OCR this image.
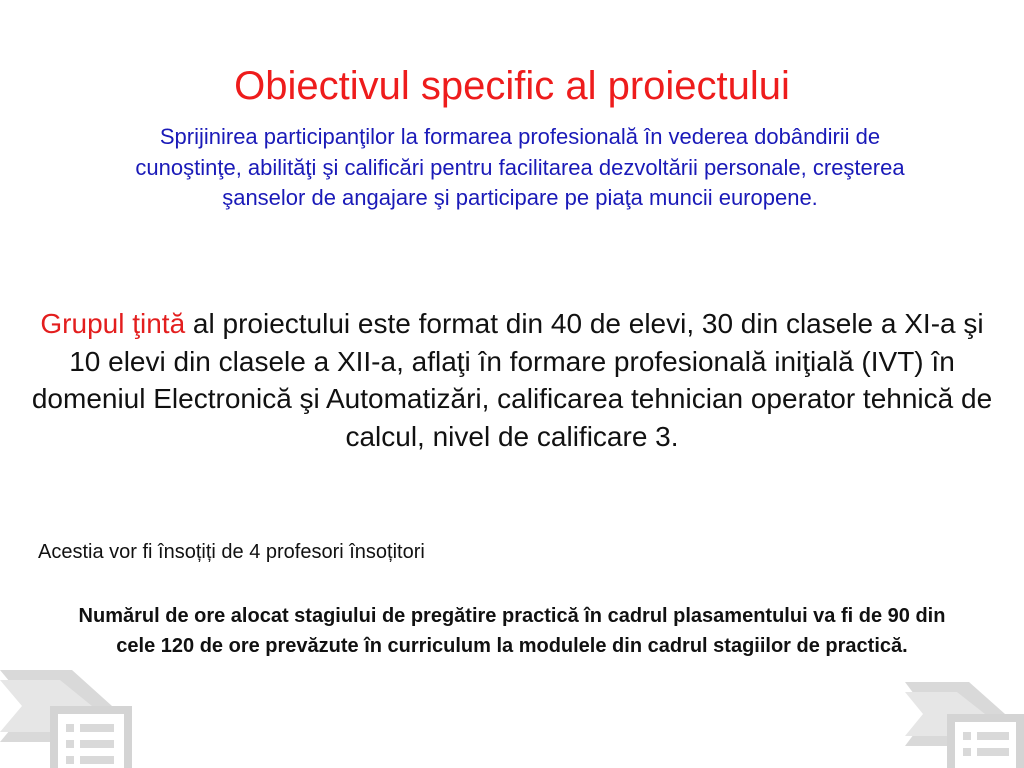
Obiectivul specific al proiectului

Sprijinirea participanţilor la formarea profesională în vederea dobândirii de cunoştinţe, abilităţi şi calificări pentru facilitarea dezvoltării personale, creşterea şanselor de angajare şi participare pe piaţa muncii europene.

Grupul ţintă al proiectului este format din 40 de elevi, 30 din clasele a XI-a şi 10 elevi din clasele a XII-a, aflaţi în formare profesională iniţială (IVT) în domeniul Electronică şi Automatizări, calificarea tehnician operator tehnică de calcul, nivel de calificare 3.

Acestia vor fi însoțiți de 4 profesori însoțitori

Numărul de ore alocat stagiului de pregătire practică în cadrul plasamentului va fi de 90 din cele 120 de ore prevăzute în curriculum la modulele din cadrul stagiilor de practică.
